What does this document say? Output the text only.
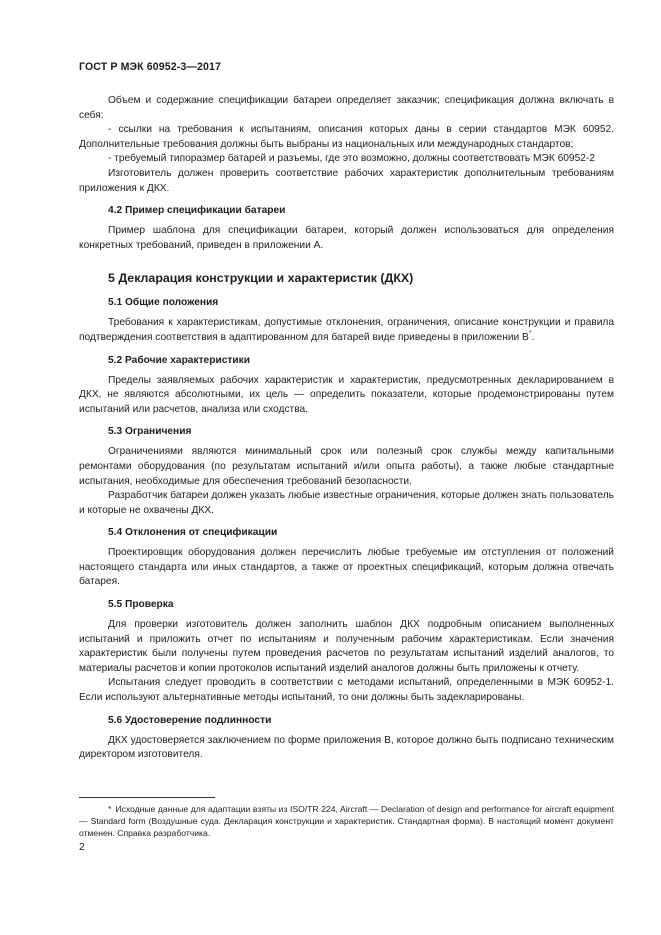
ГОСТ Р МЭК 60952-3—2017

Объем и содержание спецификации батареи определяет заказчик; спецификация должна включать в себя:

- ссылки на требования к испытаниям, описания которых даны в серии стандартов МЭК 60952. Дополнительные требования должны быть выбраны из национальных или международных стандартов;

- требуемый типоразмер батарей и разъемы, где это возможно, должны соответствовать МЭК 60952-2

Изготовитель должен проверить соответствие рабочих характеристик дополнительным требованиям приложения к ДКХ.

4.2 Пример спецификации батареи

Пример шаблона для спецификации батареи, который должен использоваться для определения конкретных требований, приведен в приложении А.

5 Декларация конструкции и характеристик (ДКХ)
5.1 Общие положения

Требования к характеристикам, допустимые отклонения, ограничения, описание конструкции и правила подтверждения соответствия в адаптированном для батарей виде приведены в приложении В*.

5.2 Рабочие характеристики

Пределы заявляемых рабочих характеристик и характеристик, предусмотренных декларированием в ДКХ, не являются абсолютными, их цель — определить показатели, которые продемонстрированы путем испытаний или расчетов, анализа или сходства.

5.3 Ограничения

Ограничениями являются минимальный срок или полезный срок службы между капитальными ремонтами оборудования (по результатам испытаний и/или опыта работы), а также любые стандартные испытания, необходимые для обеспечения требований безопасности.

Разработчик батареи должен указать любые известные ограничения, которые должен знать пользователь и которые не охвачены ДКХ.

5.4 Отклонения от спецификации

Проектировщик оборудования должен перечислить любые требуемые им отступления от положений настоящего стандарта или иных стандартов, а также от проектных спецификаций, которым должна отвечать батарея.

5.5 Проверка

Для проверки изготовитель должен заполнить шаблон ДКХ подробным описанием выполненных испытаний и приложить отчет по испытаниям и полученным рабочим характеристикам. Если значения характеристик были получены путем проведения расчетов по результатам испытаний изделий аналогов, то материалы расчетов и копии протоколов испытаний изделий аналогов должны быть приложены к отчету.

Испытания следует проводить в соответствии с методами испытаний, определенными в МЭК 60952-1. Если используют альтернативные методы испытаний, то они должны быть задекларированы.

5.6 Удостоверение подлинности

ДКХ удостоверяется заключением по форме приложения В, которое должно быть подписано техническим директором изготовителя.

* Исходные данные для адаптации взяты из ISO/TR 224, Aircraft — Declaration of design and performance for aircraft equipment — Standard form (Воздушные суда. Декларация конструкции и характеристик. Стандартная форма). В настоящий момент документ отменен. Справка разработчика.
2
